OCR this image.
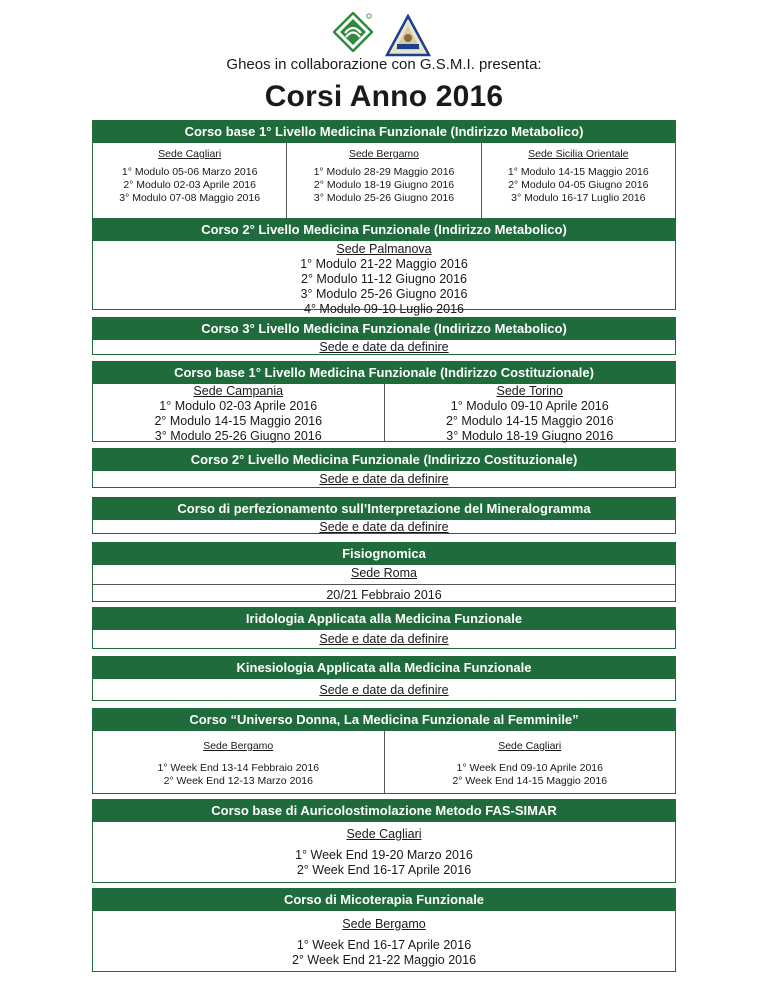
Gheos in collaborazione con G.S.M.I. presenta:
Corsi Anno 2016
Corso base 1° Livello Medicina Funzionale (Indirizzo Metabolico)
Sede Cagliari
1° Modulo 05-06 Marzo 2016
2° Modulo 02-03 Aprile 2016
3° Modulo 07-08 Maggio 2016
Sede Bergamo
1° Modulo 28-29 Maggio 2016
2° Modulo 18-19 Giugno 2016
3° Modulo 25-26 Giugno 2016
Sede Sicilia Orientale
1° Modulo 14-15 Maggio 2016
2° Modulo 04-05 Giugno 2016
3° Modulo 16-17 Luglio 2016
Corso 2° Livello Medicina Funzionale (Indirizzo Metabolico)
Sede Palmanova
1° Modulo 21-22 Maggio 2016
2° Modulo 11-12 Giugno 2016
3° Modulo 25-26 Giugno 2016
4° Modulo 09-10 Luglio 2016
Corso 3° Livello Medicina Funzionale (Indirizzo Metabolico)
Sede e date da definire
Corso base 1° Livello Medicina Funzionale (Indirizzo Costituzionale)
Sede Campania
1° Modulo 02-03 Aprile 2016
2° Modulo 14-15 Maggio 2016
3° Modulo 25-26 Giugno 2016
Sede Torino
1° Modulo 09-10 Aprile 2016
2° Modulo 14-15 Maggio 2016
3° Modulo 18-19 Giugno 2016
Corso 2° Livello Medicina Funzionale (Indirizzo Costituzionale)
Sede e date da definire
Corso di perfezionamento sull’Interpretazione del Mineralogramma
Sede e date da definire
Fisiognomica
Sede Roma
20/21 Febbraio 2016
Iridologia Applicata alla Medicina Funzionale
Sede e date da definire
Kinesiologia Applicata alla Medicina Funzionale
Sede e date da definire
Corso “Universo Donna, La Medicina Funzionale al Femminile”
Sede Bergamo
1° Week End 13-14 Febbraio 2016
2° Week End 12-13 Marzo 2016
Sede Cagliari
1° Week End 09-10 Aprile 2016
2° Week End 14-15 Maggio 2016
Corso base di Auricolostimolazione Metodo FAS-SIMAR
Sede Cagliari
1° Week End 19-20 Marzo 2016
2° Week End 16-17 Aprile 2016
Corso di Micoterapia Funzionale
Sede Bergamo
1° Week End 16-17 Aprile 2016
2° Week End 21-22 Maggio 2016
